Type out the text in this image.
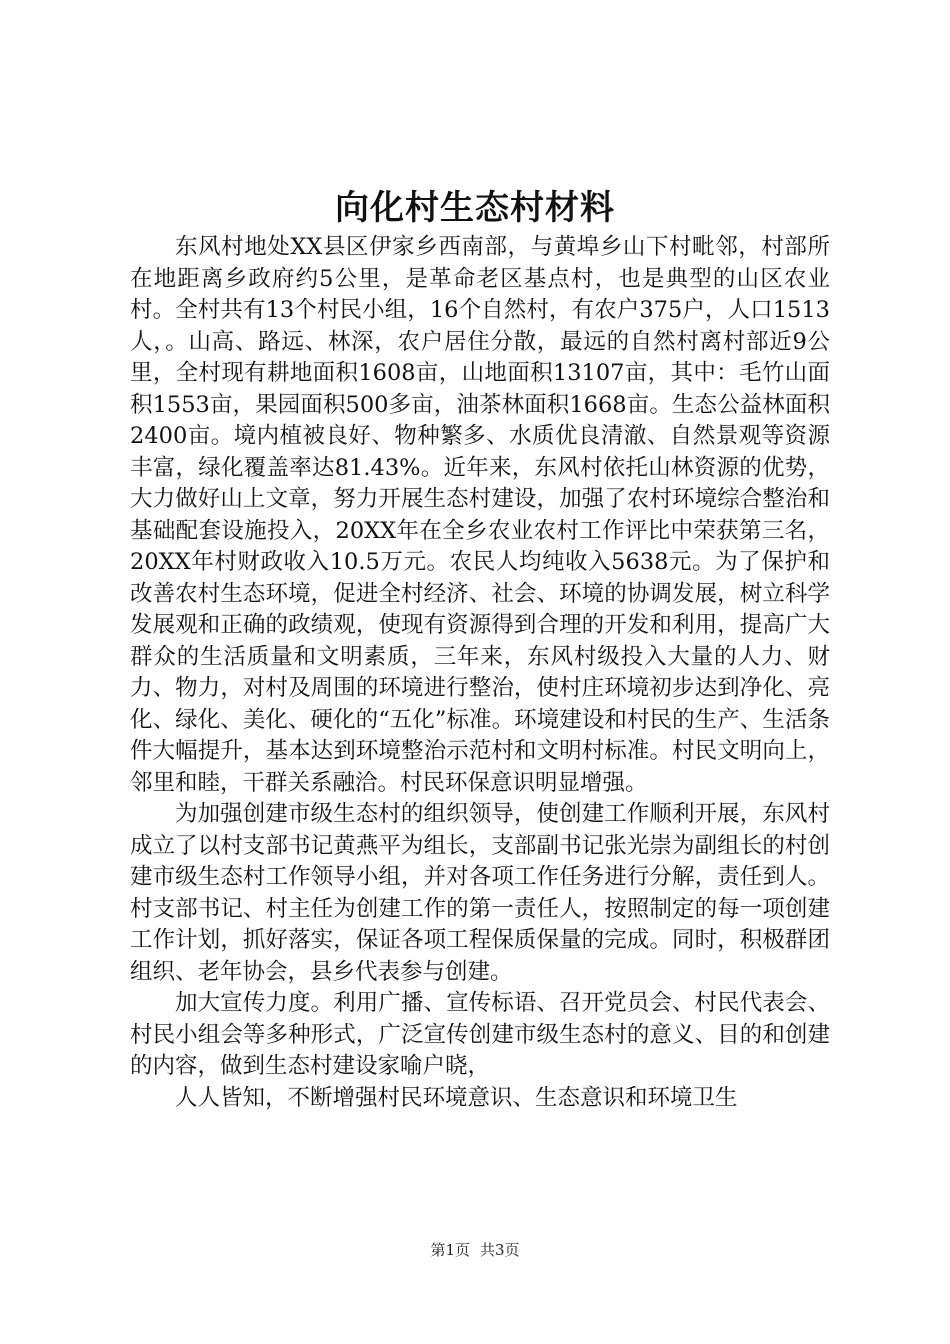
向化村生态村材料

东风村地处XX县区伊家乡西南部，与黄埠乡山下村毗邻，村部所在地距离乡政府约5公里，是革命老区基点村，也是典型的山区农业村。全村共有13个村民小组，16个自然村，有农户375户，人口1513人，。山高、路远、林深，农户居住分散，最远的自然村离村部近9公里，全村现有耕地面积1608亩，山地面积13107亩，其中：毛竹山面积1553亩，果园面积500多亩，油茶林面积1668亩。生态公益林面积2400亩。境内植被良好、物种繁多、水质优良清澈、自然景观等资源丰富，绿化覆盖率达81.43%。近年来，东风村依托山林资源的优势，大力做好山上文章，努力开展生态村建设，加强了农村环境综合整治和基础配套设施投入，20XX年在全乡农业农村工作评比中荣获第三名，20XX年村财政收入10.5万元。农民人均纯收入5638元。为了保护和改善农村生态环境，促进全村经济、社会、环境的协调发展，树立科学发展观和正确的政绩观，使现有资源得到合理的开发和利用，提高广大群众的生活质量和文明素质，三年来，东风村级投入大量的人力、财力、物力，对村及周围的环境进行整治，使村庄环境初步达到净化、亮化、绿化、美化、硬化的“五化”标准。环境建设和村民的生产、生活条件大幅提升，基本达到环境整治示范村和文明村标准。村民文明向上，邻里和睦，干群关系融洽。村民环保意识明显增强。

为加强创建市级生态村的组织领导，使创建工作顺利开展，东风村成立了以村支部书记黄燕平为组长，支部副书记张光崇为副组长的村创建市级生态村工作领导小组，并对各项工作任务进行分解，责任到人。村支部书记、村主任为创建工作的第一责任人，按照制定的每一项创建工作计划，抓好落实，保证各项工程保质保量的完成。同时，积极群团组织、老年协会，县乡代表参与创建。

加大宣传力度。利用广播、宣传标语、召开党员会、村民代表会、村民小组会等多种形式，广泛宣传创建市级生态村的意义、目的和创建的内容，做到生态村建设家喻户晓，

人人皆知，不断增强村民环境意识、生态意识和环境卫生

第1页 共3页
